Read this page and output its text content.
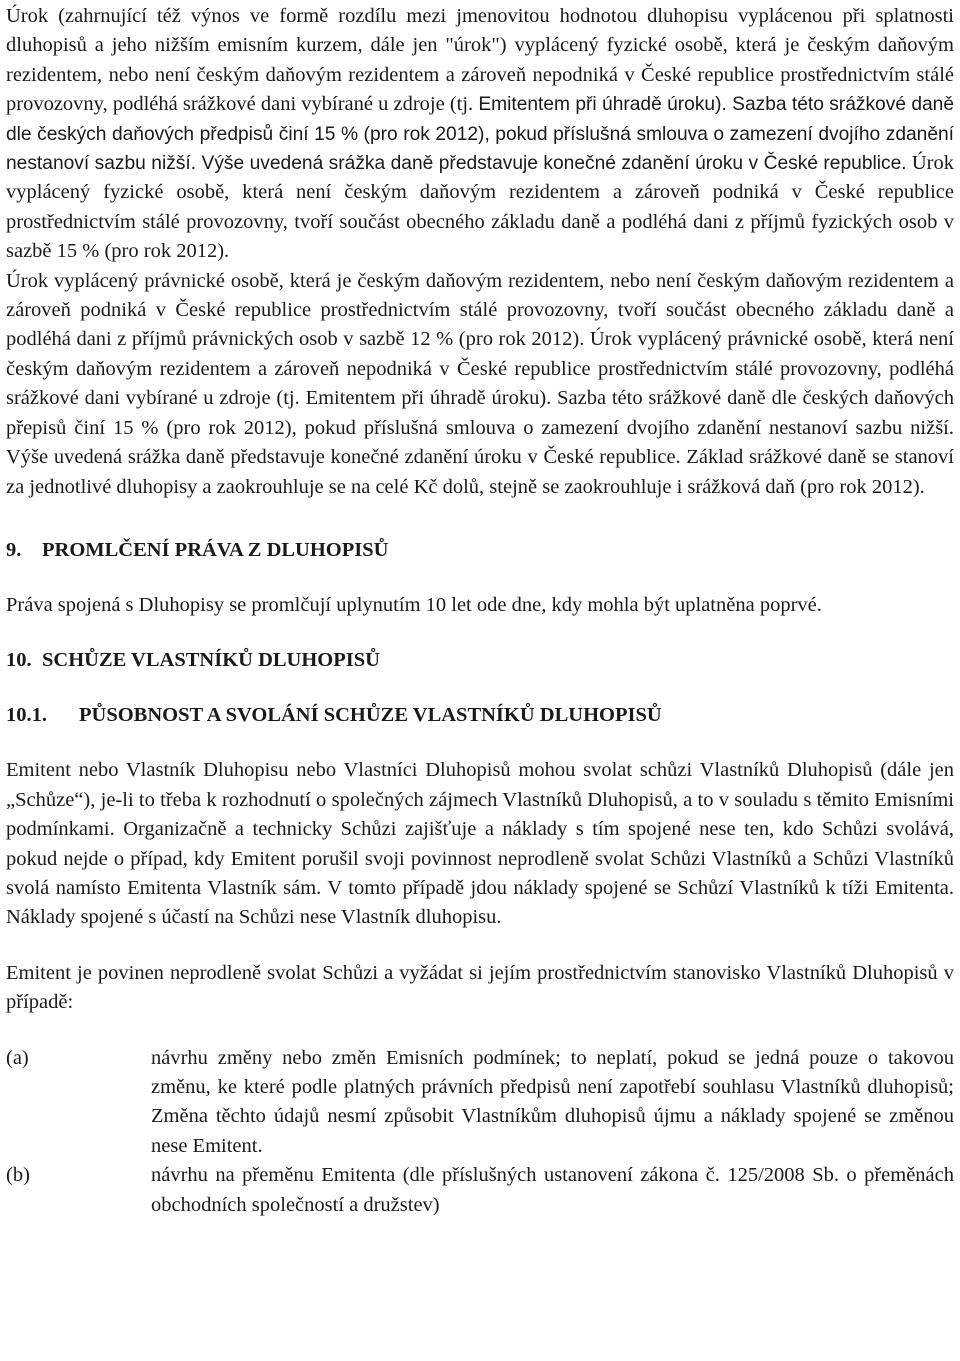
Úrok (zahrnující též výnos ve formě rozdílu mezi jmenovitou hodnotou dluhopisu vyplácenou při splatnosti dluhopisů a jeho nižším emisním kurzem, dále jen "úrok") vyplácený fyzické osobě, která je českým daňovým rezidentem, nebo není českým daňovým rezidentem a zároveň nepodniká v České republice prostřednictvím stálé provozovny, podléhá srážkové dani vybírané u zdroje (tj. Emitentem při úhradě úroku). Sazba této srážkové daně dle českých daňových předpisů činí 15 % (pro rok 2012), pokud příslušná smlouva o zamezení dvojího zdanění nestanoví sazbu nižší. Výše uvedená srážka daně představuje konečné zdanění úroku v České republice. Úrok vyplácený fyzické osobě, která není českým daňovým rezidentem a zároveň podniká v České republice prostřednictvím stálé provozovny, tvoří součást obecného základu daně a podléhá dani z příjmů fyzických osob v sazbě 15 % (pro rok 2012).

Úrok vyplácený právnické osobě, která je českým daňovým rezidentem, nebo není českým daňovým rezidentem a zároveň podniká v České republice prostřednictvím stálé provozovny, tvoří součást obecného základu daně a podléhá dani z příjmů právnických osob v sazbě 12 % (pro rok 2012). Úrok vyplácený právnické osobě, která není českým daňovým rezidentem a zároveň nepodniká v České republice prostřednictvím stálé provozovny, podléhá srážkové dani vybírané u zdroje (tj. Emitentem při úhradě úroku). Sazba této srážkové daně dle českých daňových přepisů činí 15 % (pro rok 2012), pokud příslušná smlouva o zamezení dvojího zdanění nestanoví sazbu nižší. Výše uvedená srážka daně představuje konečné zdanění úroku v České republice. Základ srážkové daně se stanoví za jednotlivé dluhopisy a zaokrouhluje se na celé Kč dolů, stejně se zaokrouhluje i srážková daň (pro rok 2012).

9. PROMLČENÍ PRÁVA Z DLUHOPISŮ

Práva spojená s Dluhopisy se promlčují uplynutím 10 let ode dne, kdy mohla být uplatněna poprvé.

10. SCHŮZE VLASTNÍKŮ DLUHOPISŮ
10.1. PŮSOBNOST A SVOLÁNÍ SCHŮZE VLASTNÍKŮ DLUHOPISŮ

Emitent nebo Vlastník Dluhopisu nebo Vlastníci Dluhopisů mohou svolat schůzi Vlastníků Dluhopisů (dále jen „Schůze“), je-li to třeba k rozhodnutí o společných zájmech Vlastníků Dluhopisů, a to v souladu s těmito Emisními podmínkami. Organizačně a technicky Schůzi zajišťuje a náklady s tím spojené nese ten, kdo Schůzi svolává, pokud nejde o případ, kdy Emitent porušil svoji povinnost neprodleně svolat Schůzi Vlastníků a Schůzi Vlastníků svolá namísto Emitenta Vlastník sám. V tomto případě jdou náklady spojené se Schůzí Vlastníků k tíži Emitenta. Náklady spojené s účastí na Schůzi nese Vlastník dluhopisu.

Emitent je povinen neprodleně svolat Schůzi a vyžádat si jejím prostřednictvím stanovisko Vlastníků Dluhopisů v případě:

(a)	návrhu změny nebo změn Emisních podmínek; to neplatí, pokud se jedná pouze o takovou změnu, ke které podle platných právních předpisů není zapotřebí souhlasu Vlastníků dluhopisů; Změna těchto údajů nesmí způsobit Vlastníkům dluhopisů újmu a náklady spojené se změnou nese Emitent.
(b)	návrhu na přeměnu Emitenta (dle příslušných ustanovení zákona č. 125/2008 Sb. o přeměnách obchodních společností a družstev)
